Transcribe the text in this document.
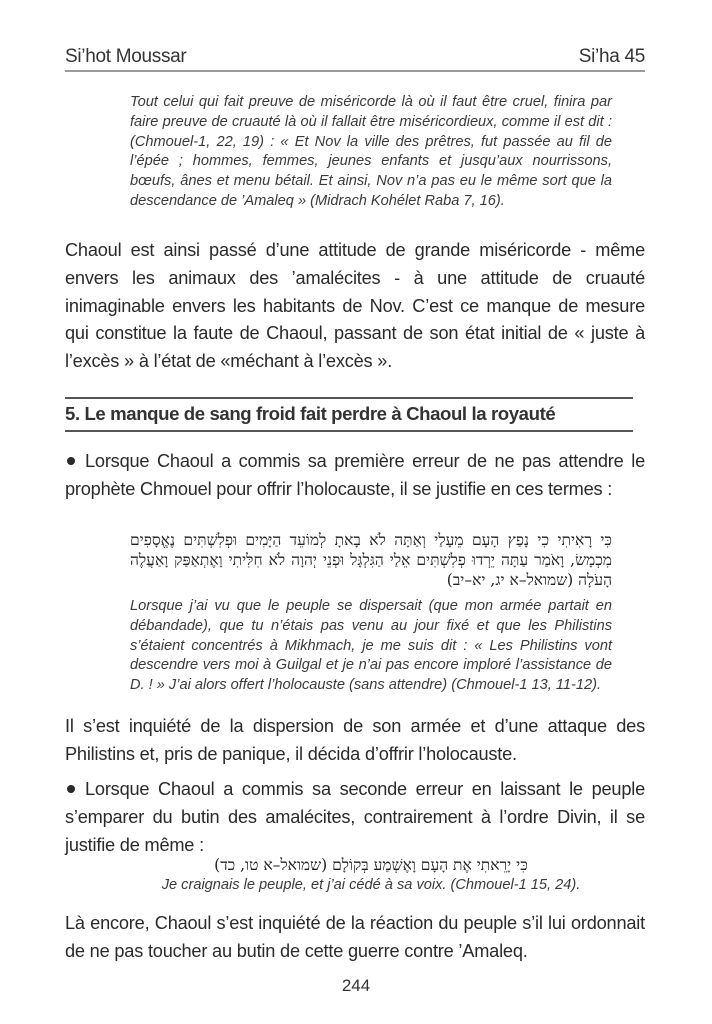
Si’hot Moussar	Si’ha 45
Tout celui qui fait preuve de miséricorde là où il faut être cruel, finira par faire preuve de cruauté là où il fallait être miséricordieux, comme il est dit : (Chmouel-1, 22, 19) : « Et Nov la ville des prêtres, fut passée au fil de l’épée ; hommes, femmes, jeunes enfants et jusqu’aux nourrissons, bœufs, ânes et menu bétail. Et ainsi, Nov n’a pas eu le même sort que la descendance de ’Amaleq » (Midrach Kohélet Raba 7, 16).
Chaoul est ainsi passé d’une attitude de grande miséricorde - même envers les animaux des ’amalécites - à une attitude de cruauté inimaginable envers les habitants de Nov. C’est ce manque de mesure qui constitue la faute de Chaoul, passant de son état initial de « juste à l’excès » à l’état de «méchant à l’excès ».
5. Le manque de sang froid fait perdre à Chaoul la royauté
Lorsque Chaoul a commis sa première erreur de ne pas attendre le prophète Chmouel pour offrir l’holocauste, il se justifie en ces termes :
כִּי רָאִיתִי כִי נָפַץ הָעָם מֵעָלַי וְאַתָּה לֹא בָאתָ לְמוֹעֵד הַיָּמִים וּפְלִשְׁתִּים נֶאֱסָפִים מִכְמָשׂ, וָאֹמַר עַתָּה יֵרְדוּ פְלִשְׁתִּים אֵלַי הַגִּלְגָּל וּפְנֵי יְהוָה לֹא חִלִּיתִי וָאֶתְאַפַּק וָאַעֲלֶה הָעֹלָה (שמואל–א יג, יא–יב)
Lorsque j’ai vu que le peuple se dispersait (que mon armée partait en débandade), que tu n’étais pas venu au jour fixé et que les Philistins s’étaient concentrés à Mikhmach, je me suis dit : « Les Philistins vont descendre vers moi à Guilgal et je n’ai pas encore imploré l’assistance de D. ! » J’ai alors offert l’holocauste (sans attendre) (Chmouel-1 13, 11-12).
Il s’est inquiété de la dispersion de son armée et d’une attaque des Philistins et, pris de panique, il décida d’offrir l’holocauste.
Lorsque Chaoul a commis sa seconde erreur en laissant le peuple s’emparer du butin des amalécites, contrairement à l’ordre Divin, il se justifie de même :
כִּי יָרֵאתִי אֶת הָעָם וָאֶשְׁמַע בְּקוֹלָם (שמואל–א טו, כד)
Je craignais le peuple, et j’ai cédé à sa voix. (Chmouel-1 15, 24).
Là encore, Chaoul s’est inquiété de la réaction du peuple s’il lui ordonnait de ne pas toucher au butin de cette guerre contre ’Amaleq.
244
